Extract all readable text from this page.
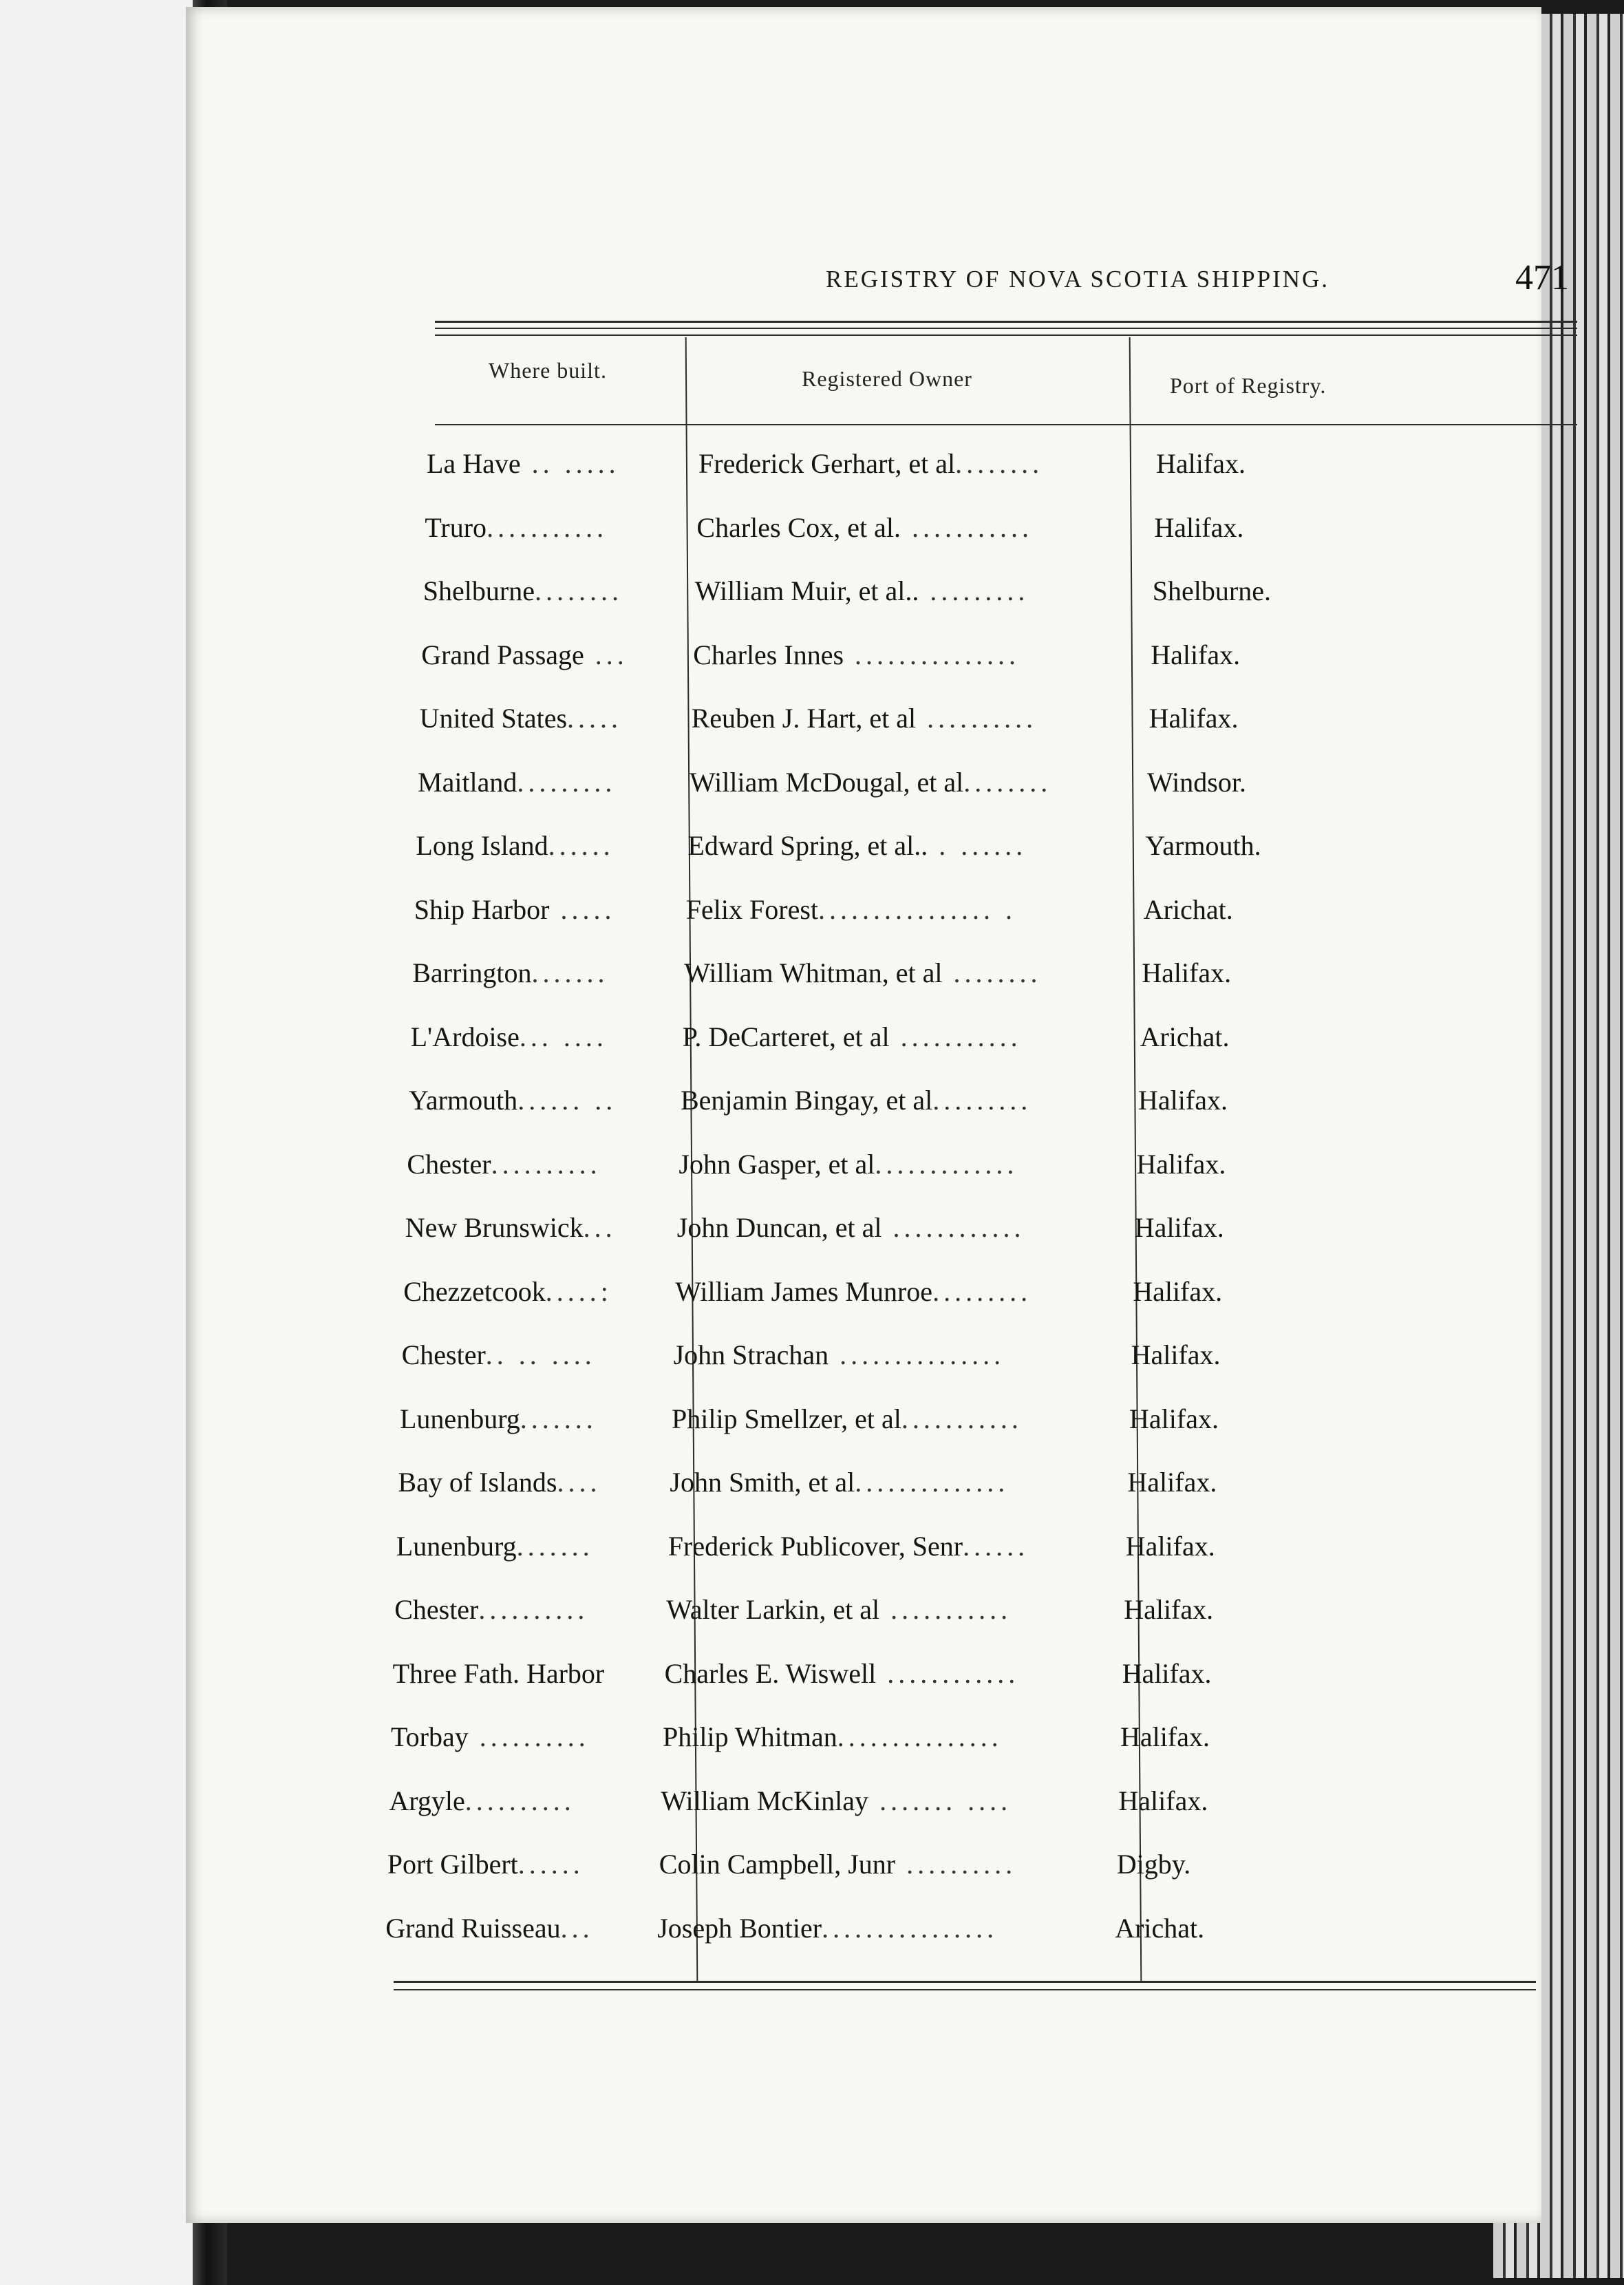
REGISTRY OF NOVA SCOTIA SHIPPING.	471
Where built.	Registered Owner	Port of Registry.
La Have .. .....	Frederick Gerhart, et al........	Halifax.
Truro...........	Charles Cox, et al. ...........	Halifax.
Shelburne........	William Muir, et al.. .........	Shelburne.
Grand Passage ...	Charles Innes ...............	Halifax.
United States.....	Reuben J. Hart, et al ..........	Halifax.
Maitland.........	William McDougal, et al........	Windsor.
Long Island......	Edward Spring, et al.. . ......	Yarmouth.
Ship Harbor .....	Felix Forest................ .	Arichat.
Barrington.......	William Whitman, et al ........	Halifax.
L'Ardoise... ....	P. DeCarteret, et al ...........	Arichat.
Yarmouth...... ..	Benjamin Bingay, et al.........	Halifax.
Chester..........	John Gasper, et al.............	Halifax.
New Brunswick...	John Duncan, et al ............	Halifax.
Chezzetcook.....:	William James Munroe.........	Halifax.
Chester.. .. ....	John Strachan ...............	Halifax.
Lunenburg.......	Philip Smellzer, et al...........	Halifax.
Bay of Islands....	John Smith, et al..............	Halifax.
Lunenburg.......	Frederick Publicover, Senr......	Halifax.
Chester..........	Walter Larkin, et al ...........	Halifax.
Three Fath. Harbor	Charles E. Wiswell ............	Halifax.
Torbay ..........	Philip Whitman...............	Halifax.
Argyle..........	William McKinlay ....... ....	Halifax.
Port Gilbert......	Colin Campbell, Junr ..........	Digby.
Grand Ruisseau...	Joseph Bontier................	Arichat.
